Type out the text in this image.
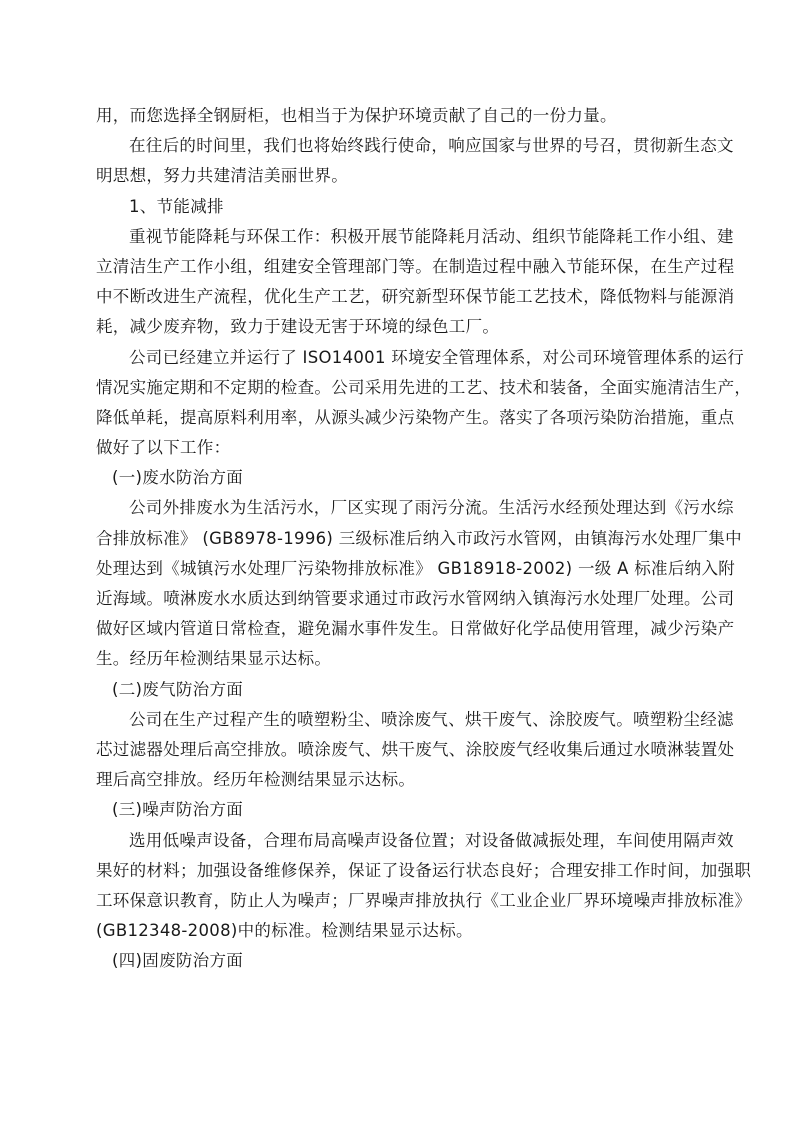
用，而您选择全钢厨柜，也相当于为保护环境贡献了自己的一份力量。
在往后的时间里，我们也将始终践行使命，响应国家与世界的号召，贯彻新生态文
明思想，努力共建清洁美丽世界。
1、节能减排
重视节能降耗与环保工作：积极开展节能降耗月活动、组织节能降耗工作小组、建
立清洁生产工作小组，组建安全管理部门等。在制造过程中融入节能环保，在生产过程
中不断改进生产流程，优化生产工艺，研究新型环保节能工艺技术，降低物料与能源消
耗，减少废弃物，致力于建设无害于环境的绿色工厂。
公司已经建立并运行了 ISO14001 环境安全管理体系，对公司环境管理体系的运行
情况实施定期和不定期的检查。公司采用先进的工艺、技术和装备，全面实施清洁生产，
降低单耗，提高原料利用率，从源头减少污染物产生。落实了各项污染防治措施，重点
做好了以下工作：
(一)废水防治方面
公司外排废水为生活污水，厂区实现了雨污分流。生活污水经预处理达到《污水综
合排放标准》 (GB8978-1996) 三级标准后纳入市政污水管网，由镇海污水处理厂集中
处理达到《城镇污水处理厂污染物排放标准》 GB18918-2002) 一级 A 标准后纳入附
近海域。喷淋废水水质达到纳管要求通过市政污水管网纳入镇海污水处理厂处理。公司
做好区域内管道日常检查，避免漏水事件发生。日常做好化学品使用管理，减少污染产
生。经历年检测结果显示达标。
(二)废气防治方面
公司在生产过程产生的喷塑粉尘、喷涂废气、烘干废气、涂胶废气。喷塑粉尘经滤
芯过滤器处理后高空排放。喷涂废气、烘干废气、涂胶废气经收集后通过水喷淋装置处
理后高空排放。经历年检测结果显示达标。
(三)噪声防治方面
选用低噪声设备，合理布局高噪声设备位置；对设备做减振处理，车间使用隔声效
果好的材料；加强设备维修保养，保证了设备运行状态良好；合理安排工作时间，加强职
工环保意识教育，防止人为噪声；厂界噪声排放执行《工业企业厂界环境噪声排放标准》
(GB12348-2008)中的标准。检测结果显示达标。
(四)固废防治方面
